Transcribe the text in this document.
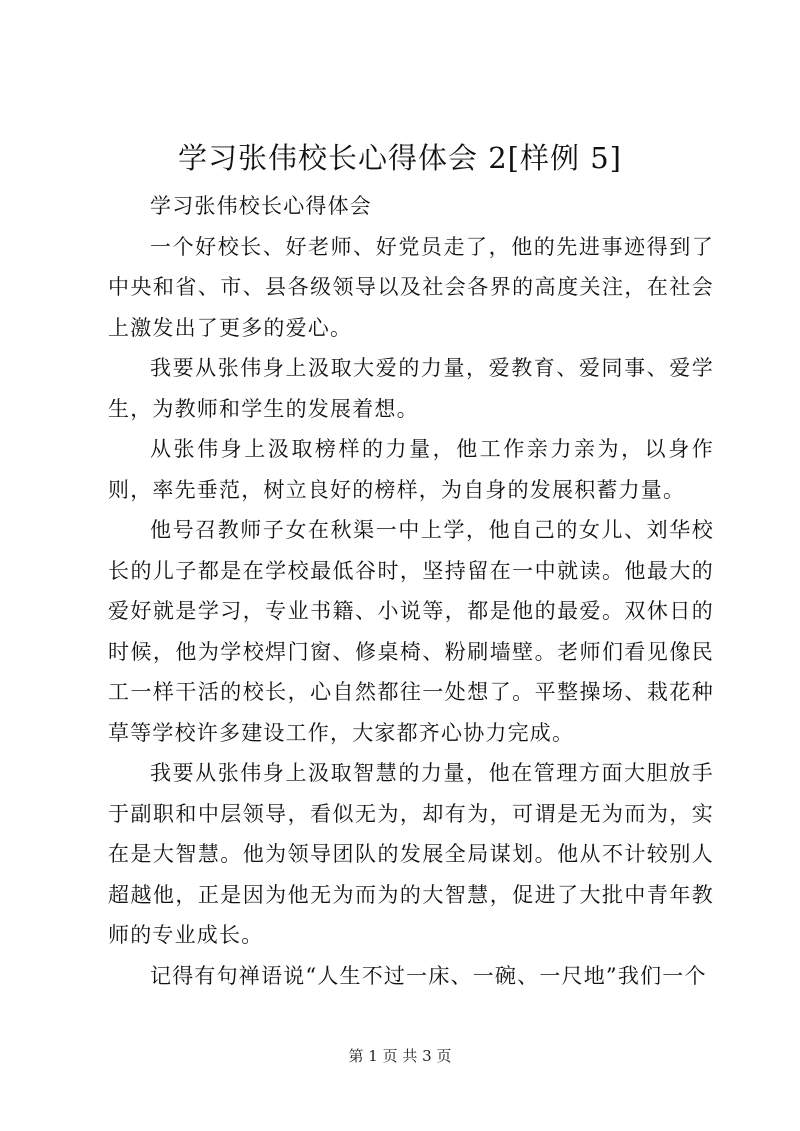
学习张伟校长心得体会 2[样例 5]

学习张伟校长心得体会

一个好校长、好老师、好党员走了，他的先进事迹得到了中央和省、市、县各级领导以及社会各界的高度关注，在社会上激发出了更多的爱心。

我要从张伟身上汲取大爱的力量，爱教育、爱同事、爱学生，为教师和学生的发展着想。

从张伟身上汲取榜样的力量，他工作亲力亲为，以身作则，率先垂范，树立良好的榜样，为自身的发展积蓄力量。

他号召教师子女在秋渠一中上学，他自己的女儿、刘华校长的儿子都是在学校最低谷时，坚持留在一中就读。他最大的爱好就是学习，专业书籍、小说等，都是他的最爱。双休日的时候，他为学校焊门窗、修桌椅、粉刷墙壁。老师们看见像民工一样干活的校长，心自然都往一处想了。平整操场、栽花种草等学校许多建设工作，大家都齐心协力完成。

我要从张伟身上汲取智慧的力量，他在管理方面大胆放手于副职和中层领导，看似无为，却有为，可谓是无为而为，实在是大智慧。他为领导团队的发展全局谋划。他从不计较别人超越他，正是因为他无为而为的大智慧，促进了大批中青年教师的专业成长。

记得有句禅语说“人生不过一床、一碗、一尺地”我们一个

第 1 页 共 3 页
